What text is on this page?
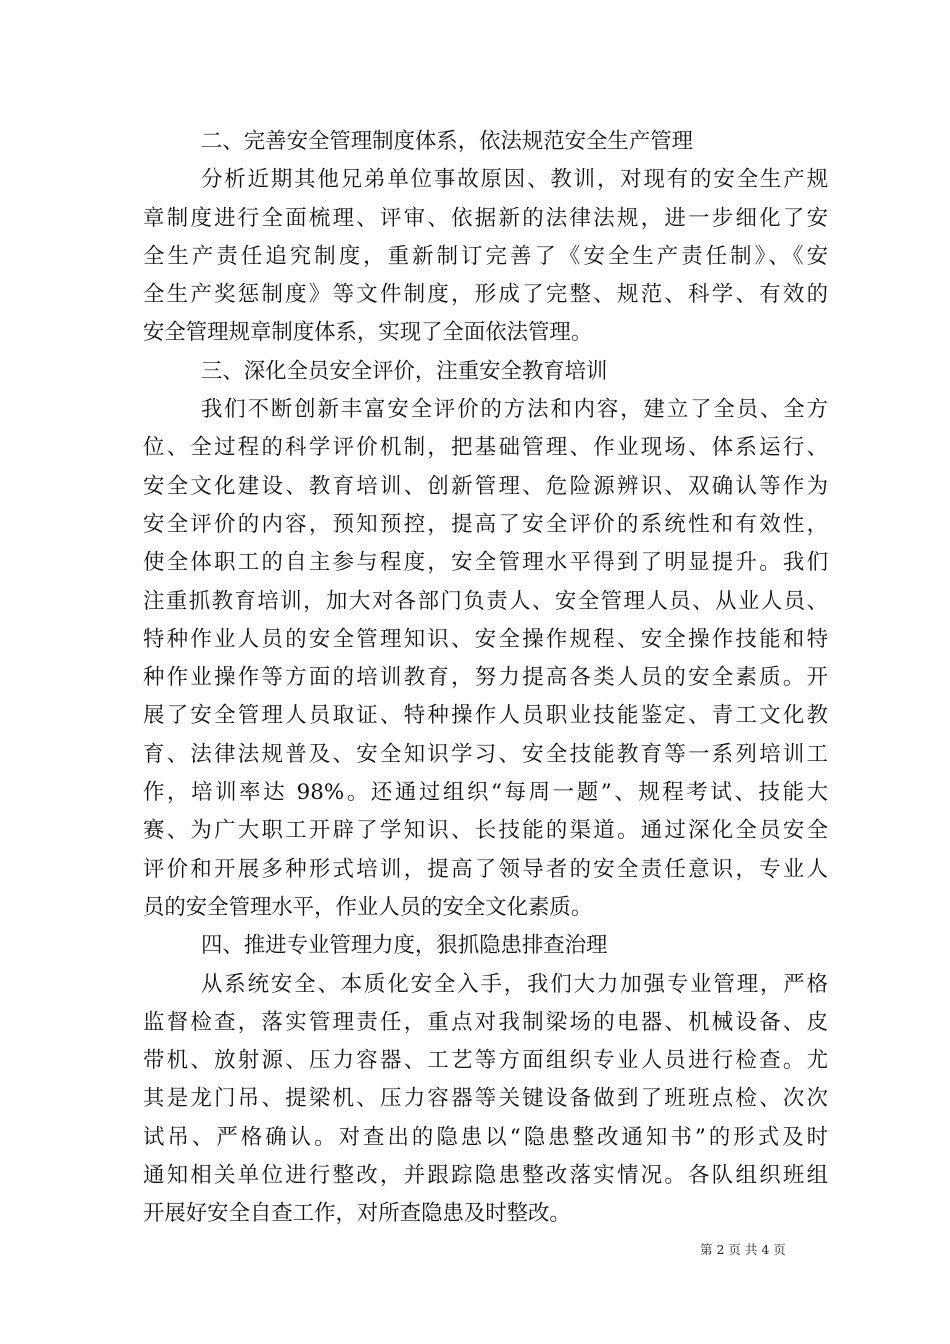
二、完善安全管理制度体系，依法规范安全生产管理
分析近期其他兄弟单位事故原因、教训，对现有的安全生产规
章制度进行全面梳理、评审、依据新的法律法规，进一步细化了安
全生产责任追究制度，重新制订完善了《安全生产责任制》、《安
全生产奖惩制度》等文件制度，形成了完整、规范、科学、有效的
安全管理规章制度体系，实现了全面依法管理。
三、深化全员安全评价，注重安全教育培训
我们不断创新丰富安全评价的方法和内容，建立了全员、全方
位、全过程的科学评价机制，把基础管理、作业现场、体系运行、
安全文化建设、教育培训、创新管理、危险源辨识、双确认等作为
安全评价的内容，预知预控，提高了安全评价的系统性和有效性，
使全体职工的自主参与程度，安全管理水平得到了明显提升。我们
注重抓教育培训，加大对各部门负责人、安全管理人员、从业人员、
特种作业人员的安全管理知识、安全操作规程、安全操作技能和特
种作业操作等方面的培训教育，努力提高各类人员的安全素质。开
展了安全管理人员取证、特种操作人员职业技能鉴定、青工文化教
育、法律法规普及、安全知识学习、安全技能教育等一系列培训工
作，培训率达 98%。还通过组织“每周一题”、规程考试、技能大
赛、为广大职工开辟了学知识、长技能的渠道。通过深化全员安全
评价和开展多种形式培训，提高了领导者的安全责任意识，专业人
员的安全管理水平，作业人员的安全文化素质。
四、推进专业管理力度，狠抓隐患排查治理
从系统安全、本质化安全入手，我们大力加强专业管理，严格
监督检查，落实管理责任，重点对我制梁场的电器、机械设备、皮
带机、放射源、压力容器、工艺等方面组织专业人员进行检查。尤
其是龙门吊、提梁机、压力容器等关键设备做到了班班点检、次次
试吊、严格确认。对查出的隐患以“隐患整改通知书”的形式及时
通知相关单位进行整改，并跟踪隐患整改落实情况。各队组织班组
开展好安全自查工作，对所查隐患及时整改。
第 2 页 共 4 页
